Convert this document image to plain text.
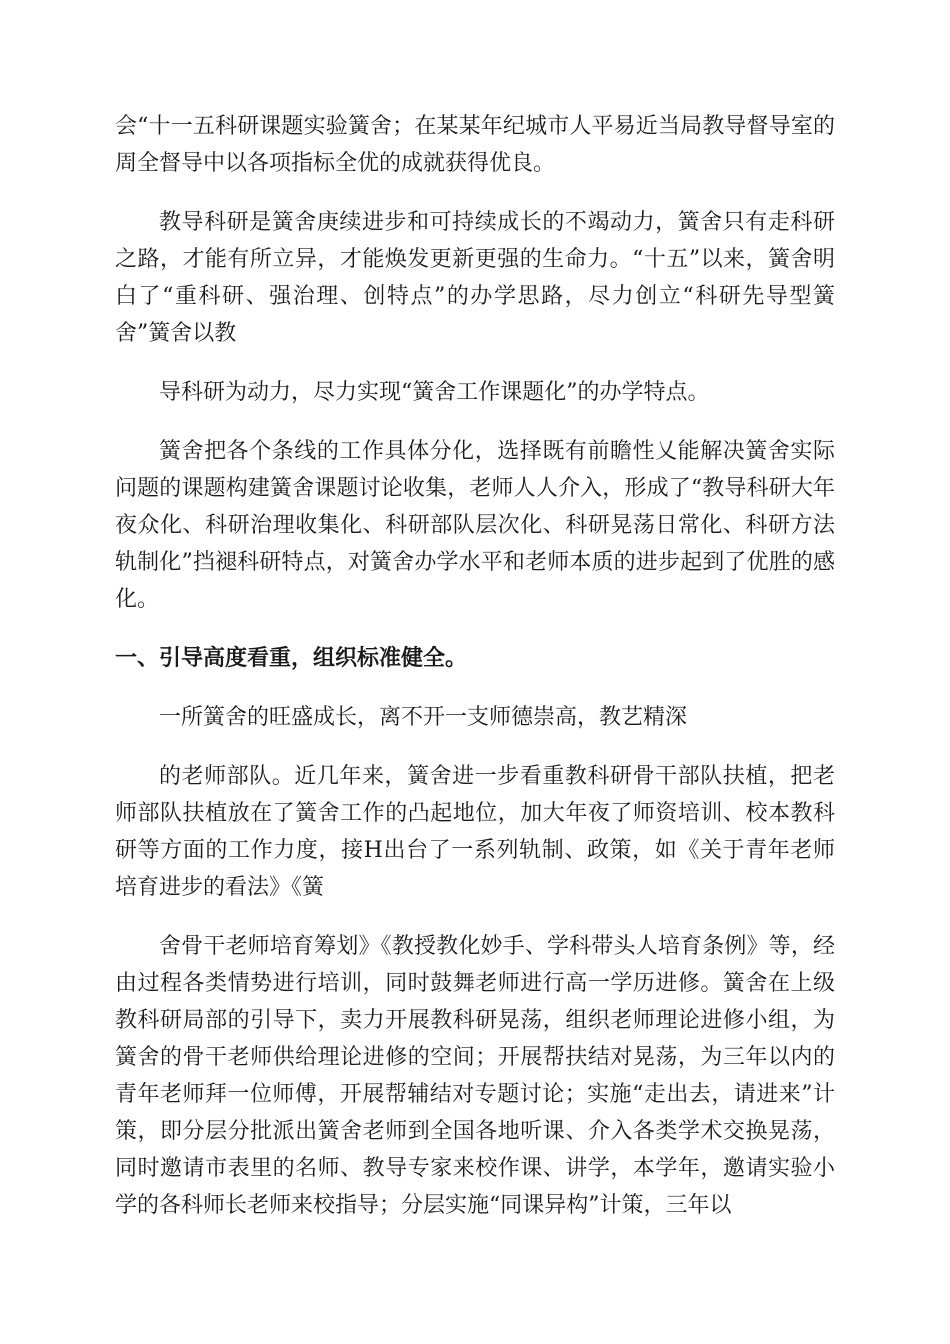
会“十一五科研课题实验簧舍；在某某年纪城市人平易近当局教导督导室的周全督导中以各项指标全优的成就获得优良。

教导科研是簧舍庚续进步和可持续成长的不竭动力，簧舍只有走科研之路，才能有所立异，才能焕发更新更强的生命力。“十五”以来，簧舍明白了“重科研、强治理、创特点”的办学思路，尽力创立“科研先导型簧舍”簧舍以教

导科研为动力，尽力实现“簧舍工作课题化”的办学特点。

簧舍把各个条线的工作具体分化，选择既有前瞻性乂能解决簧舍实际问题的课题构建簧舍课题讨论收集，老师人人介入，形成了“教导科研大年夜众化、科研治理收集化、科研部队层次化、科研晃荡日常化、科研方法轨制化”挡褪科研特点，对簧舍办学水平和老师本质的进步起到了优胜的感化。

一、引导高度看重，组织标准健全。

一所簧舍的旺盛成长，离不开一支师德崇高，教艺精深

的老师部队。近几年来，簧舍进一步看重教科研骨干部队扶植，把老师部队扶植放在了簧舍工作的凸起地位，加大年夜了师资培训、校本教科研等方面的工作力度，接H出台了一系列轨制、政策，如《关于青年老师培育进步的看法》《簧

舍骨干老师培育筹划》《教授教化妙手、学科带头人培育条例》等，经由过程各类情势进行培训，同时鼓舞老师进行高一学历进修。簧舍在上级教科研局部的引导下，卖力开展教科研晃荡，组织老师理论进修小组，为簧舍的骨干老师供给理论进修的空间；开展帮扶结对晃荡，为三年以内的青年老师拜一位师傅，开展帮辅结对专题讨论；实施“走出去，请进来”计策，即分层分批派出簧舍老师到全国各地听课、介入各类学术交换晃荡，同时邀请市表里的名师、教导专家来校作课、讲学，本学年，邀请实验小学的各科师长老师来校指导；分层实施“同课异构”计策，三年以
